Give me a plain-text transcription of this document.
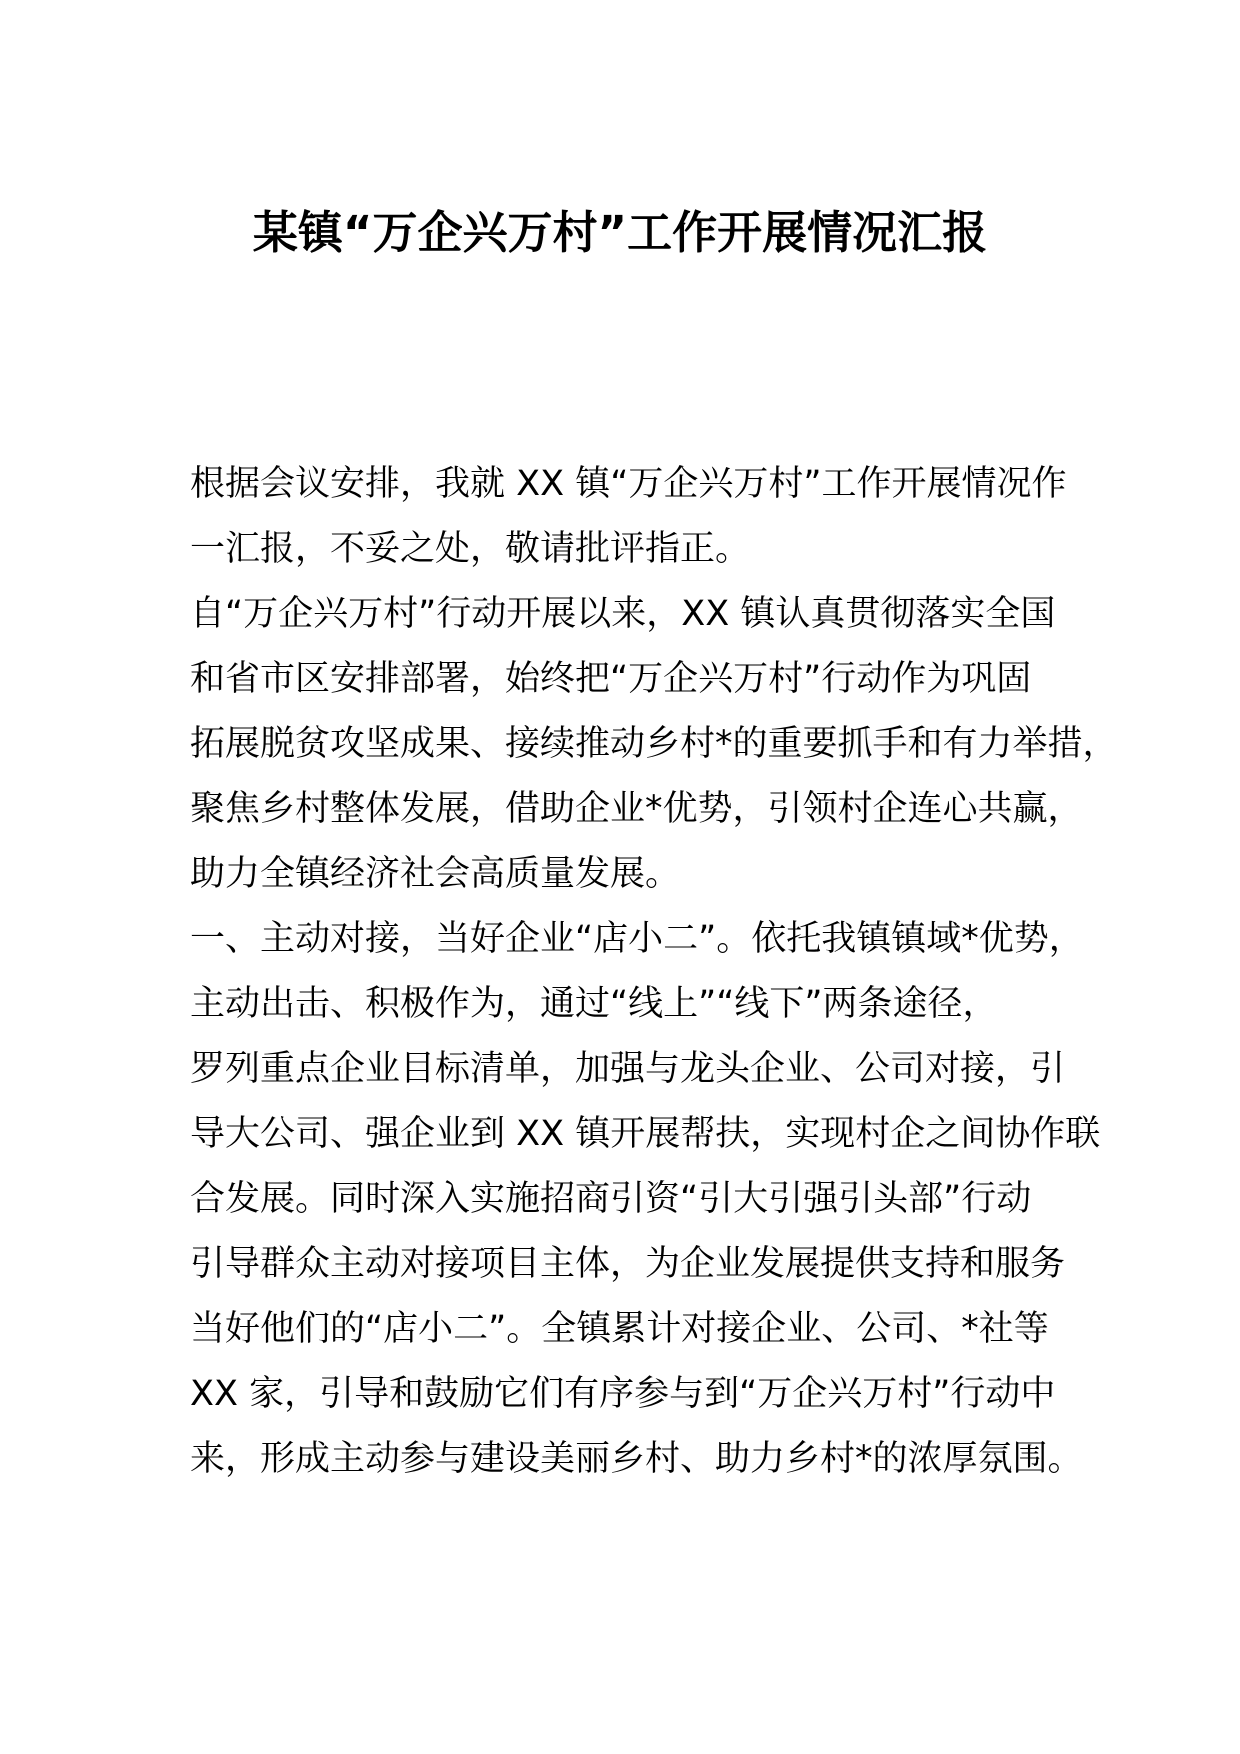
某镇“万企兴万村”工作开展情况汇报
根据会议安排，我就 XX 镇“万企兴万村”工作开展情况作
一汇报，不妥之处，敬请批评指正。
自“万企兴万村”行动开展以来，XX 镇认真贯彻落实全国
和省市区安排部署，始终把“万企兴万村”行动作为巩固
拓展脱贫攻坚成果、接续推动乡村*的重要抓手和有力举措，
聚焦乡村整体发展，借助企业*优势，引领村企连心共赢，
助力全镇经济社会高质量发展。
一、主动对接，当好企业“店小二”。依托我镇镇域*优势，
主动出击、积极作为，通过“线上”“线下”两条途径，
罗列重点企业目标清单，加强与龙头企业、公司对接，引
导大公司、强企业到 XX 镇开展帮扶，实现村企之间协作联
合发展。同时深入实施招商引资“引大引强引头部”行动
引导群众主动对接项目主体，为企业发展提供支持和服务
当好他们的“店小二”。全镇累计对接企业、公司、*社等
XX 家，引导和鼓励它们有序参与到“万企兴万村”行动中
来，形成主动参与建设美丽乡村、助力乡村*的浓厚氛围。
